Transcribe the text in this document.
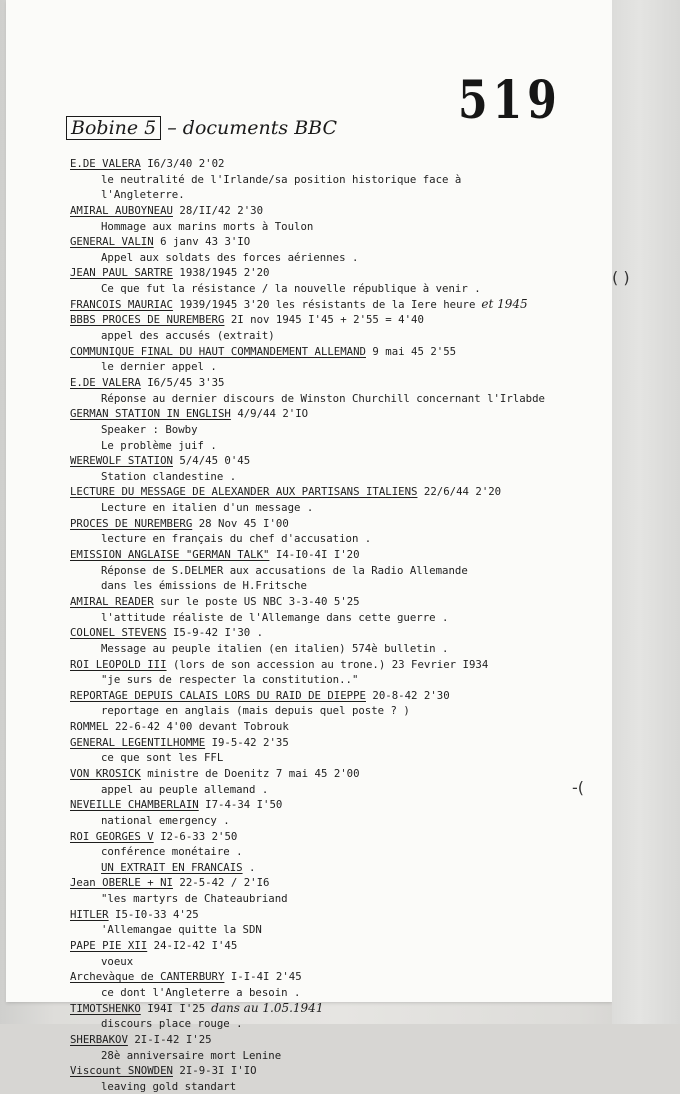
519
Bobine 5 – documents BBC
E.DE VALERA I6/3/40 2'02
le neutralité de l'Irlande/sa position historique face à
l'Angleterre.
AMIRAL AUBOYNEAU 28/II/42 2'30
Hommage aux marins morts à Toulon
GENERAL VALIN 6 janv 43 3'IO
Appel aux soldats des forces aériennes .
JEAN PAUL SARTRE 1938/1945 2'20
Ce que fut la résistance / la nouvelle république à venir .
FRANCOIS MAURIAC 1939/1945 3'20 les résistants de la Iere heure et 1945
BBBS PROCES DE NUREMBERG 2I nov 1945 I'45 + 2'55 = 4'40
appel des accusés (extrait)
COMMUNIQUE FINAL DU HAUT COMMANDEMENT ALLEMAND 9 mai 45 2'55
le dernier appel .
E.DE VALERA I6/5/45 3'35
Réponse au dernier discours de Winston Churchill concernant l'Irlabde
GERMAN STATION IN ENGLISH 4/9/44 2'IO
Speaker : Bowby
Le problème juif .
WEREWOLF STATION 5/4/45 0'45
Station clandestine .
LECTURE DU MESSAGE DE ALEXANDER AUX PARTISANS ITALIENS 22/6/44 2'20
Lecture en italien d'un message .
PROCES DE NUREMBERG 28 Nov 45 I'00
lecture en français du chef d'accusation .
EMISSION ANGLAISE "GERMAN TALK" I4-I0-4I I'20
Réponse de S.DELMER aux accusations de la Radio Allemande
dans les émissions de H.Fritsche
AMIRAL READER sur le poste US NBC 3-3-40 5'25
l'attitude réaliste de l'Allemange dans cette guerre .
COLONEL STEVENS I5-9-42 I'30 .
Message au peuple italien (en italien) 574è bulletin .
ROI LEOPOLD III (lors de son accession au trone.) 23 Fevrier I934
"je surs de respecter la constitution.."
REPORTAGE DEPUIS CALAIS LORS DU RAID DE DIEPPE 20-8-42 2'30
reportage en anglais (mais depuis quel poste ? )
ROMMEL 22-6-42 4'00 devant Tobrouk
GENERAL LEGENTILHOMME I9-5-42 2'35
ce que sont les FFL
VON KROSICK ministre de Doenitz 7 mai 45 2'00
appel au peuple allemand .
NEVEILLE CHAMBERLAIN I7-4-34 I'50
national emergency .
ROI GEORGES V I2-6-33 2'50
conférence monétaire .
UN EXTRAIT EN FRANCAIS .
Jean OBERLE + NI 22-5-42 / 2'I6
"les martyrs de Chateaubriand
HITLER I5-I0-33 4'25
'Allemangae quitte la SDN
PAPE PIE XII 24-I2-42 I'45
voeux
Archevàque de CANTERBURY I-I-4I 2'45
ce dont l'Angleterre a besoin .
TIMOTSHENKO I94I I'25 dans au 1.05.1941
discours place rouge .
SHERBAKOV 2I-I-42 I'25
28è anniversaire mort Lenine
Viscount SNOWDEN 2I-9-3I I'IO
leaving gold standart
( )
-(
